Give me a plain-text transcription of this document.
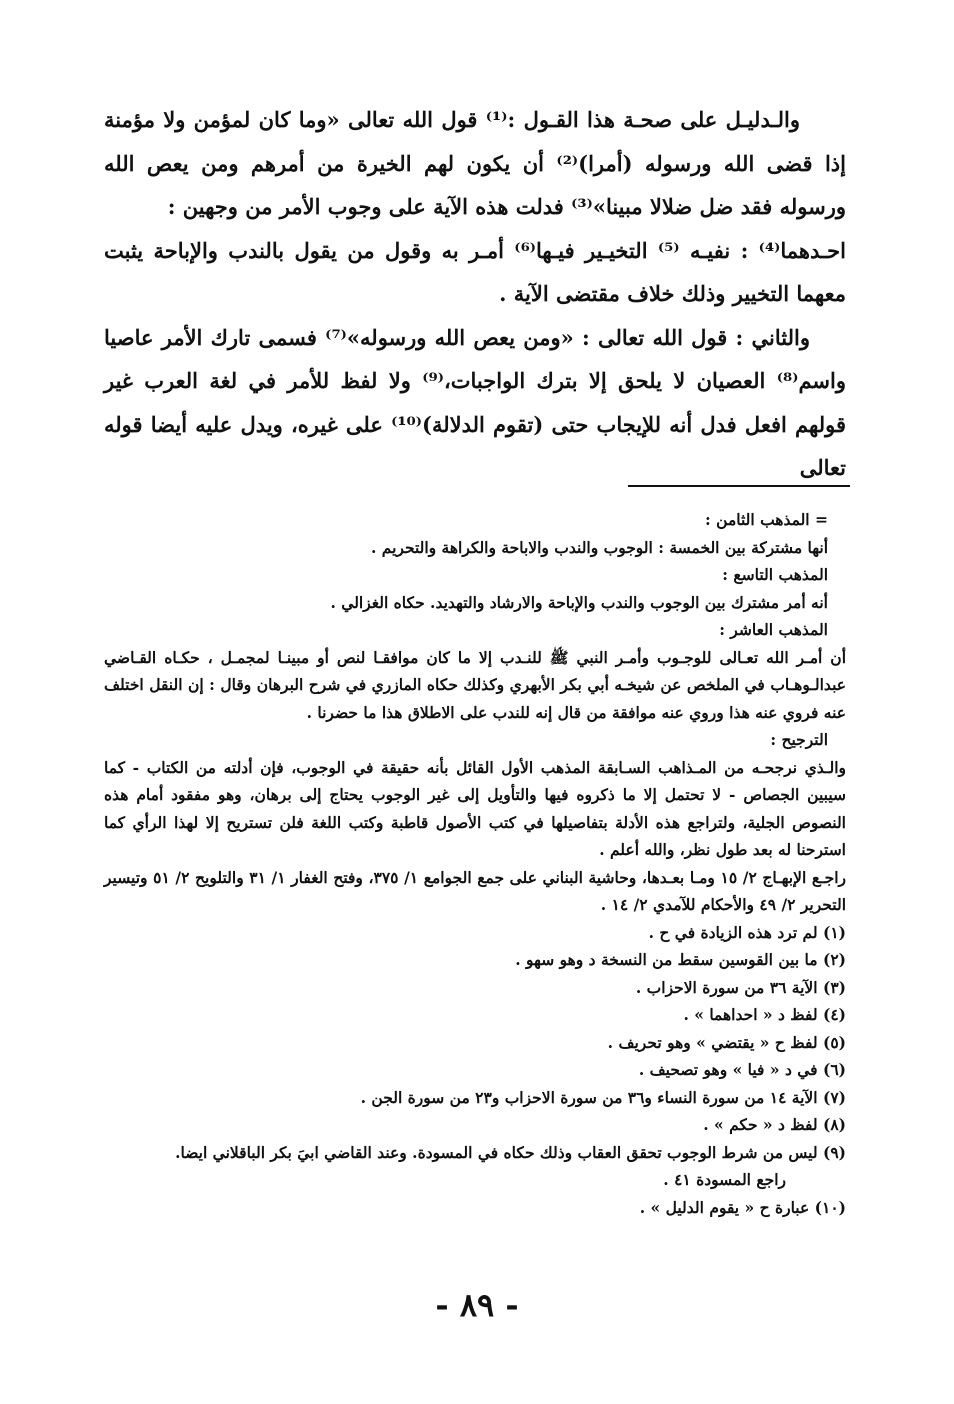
والـدليـل على صحـة هذا القـول :⁽¹⁾ قول الله تعالى «وما كان لمؤمن ولا مؤمنة إذا قضى الله ورسوله (أمرا)⁽²⁾ أن يكون لهم الخيرة من أمرهم ومن يعص الله ورسوله فقد ضل ضلالا مبينا»⁽³⁾ فدلت هذه الآية على وجوب الأمر من وجهين :

احـدهما⁽⁴⁾ : نفيـه ⁽⁵⁾ التخيـير فيـها⁽⁶⁾ أمـر به وقول من يقول بالندب والإباحة يثبت معهما التخيير وذلك خلاف مقتضى الآية .

والثاني : قول الله تعالى : «ومن يعص الله ورسوله»⁽⁷⁾ فسمى تارك الأمر عاصيا واسم⁽⁸⁾ العصيان لا يلحق إلا بترك الواجبات،⁽⁹⁾ ولا لفظ للأمر في لغة العرب غير قولهم افعل فدل أنه للإيجاب حتى (تقوم الدلالة)⁽¹⁰⁾ على غيره، ويدل عليه أيضا قوله تعالى

= المذهب الثامن :

أنها مشتركة بين الخمسة : الوجوب والندب والاباحة والكراهة والتحريم .

المذهب التاسع :

أنه أمر مشترك بين الوجوب والندب والإباحة والارشاد والتهديد. حكاه الغزالي .

المذهب العاشر :

أن أمـر الله تعـالى للوجـوب وأمـر النبي ﷺ للنـدب إلا ما كان موافقـا لنص أو مبينـا لمجمـل ، حكـاه القـاضي عبدالـوهـاب في الملخص عن شيخـه أبي بكر الأبهري وكذلك حكاه المازري في شرح البرهان وقال : إن النقل اختلف عنه فروي عنه هذا وروي عنه موافقة من قال إنه للندب على الاطلاق هذا ما حضرنا .

الترجيح :

والـذي نرجحـه من المـذاهب السـابقة المذهب الأول القائل بأنه حقيقة في الوجوب، فإن أدلته من الكتاب - كما سيبين الجصاص - لا تحتمل إلا ما ذكروه فيها والتأويل إلى غير الوجوب يحتاج إلى برهان، وهو مفقود أمام هذه النصوص الجلية، ولتراجع هذه الأدلة بتفاصيلها في كتب الأصول قاطبة وكتب اللغة فلن تستريح إلا لهذا الرأي كما استرحنا له بعد طول نظر، والله أعلم .

راجـع الإبهـاج ٢/ ١٥ ومـا بعـدها، وحاشية البناني على جمع الجوامع ١/ ٣٧٥، وفتح الغفار ١/ ٣١ والتلويح ٢/ ٥١ وتيسير التحرير ٢/ ٤٩ والأحكام للآمدي ٢/ ١٤ .

(١) لم ترد هذه الزيادة في ح .

(٢) ما بين القوسين سقط من النسخة د وهو سهو .

(٣) الآية ٣٦ من سورة الاحزاب .

(٤) لفظ د « احداهما » .

(٥) لفظ ح « يقتضي » وهو تحريف .

(٦) في د « فيا » وهو تصحيف .

(٧) الآية ١٤ من سورة النساء و٣٦ من سورة الاحزاب و٢٣ من سورة الجن .

(٨) لفظ د « حكم » .

(٩) ليس من شرط الوجوب تحقق العقاب وذلك حكاه في المسودة. وعند القاضي ابيَ بكر الباقلاني ايضا.

راجع المسودة ٤١ .

(١٠) عبارة ح « يقوم الدليل » .

- ٨٩ -
